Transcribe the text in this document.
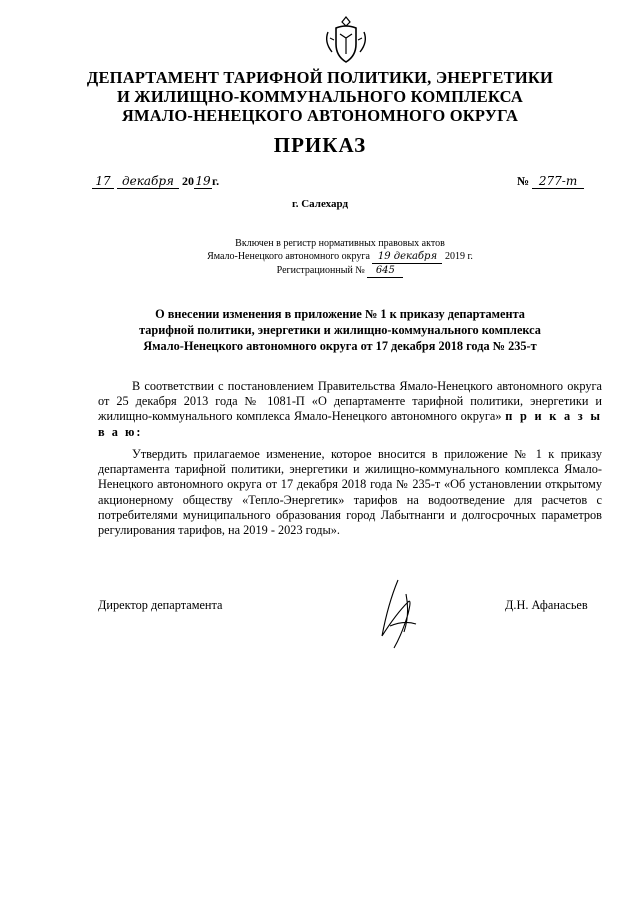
ДЕПАРТАМЕНТ ТАРИФНОЙ ПОЛИТИКИ, ЭНЕРГЕТИКИ
И ЖИЛИЩНО-КОММУНАЛЬНОГО КОМПЛЕКСА
ЯМАЛО-НЕНЕЦКОГО АВТОНОМНОГО ОКРУГА
ПРИКАЗ
17 декабря 2019г.	№ 277-т
г. Салехард
Включен в регистр нормативных правовых актов
Ямало-Ненецкого автономного округа 19 декабря 2019 г.
Регистрационный № 645
О внесении изменения в приложение № 1 к приказу департамента
тарифной политики, энергетики и жилищно-коммунального комплекса
Ямало-Ненецкого автономного округа от 17 декабря 2018 года № 235-т
В соответствии с постановлением Правительства Ямало-Ненецкого автономного округа от 25 декабря 2013 года № 1081-П «О департаменте тарифной политики, энергетики и жилищно-коммунального комплекса Ямало-Ненецкого автономного округа» п р и к а з ы в а ю:
Утвердить прилагаемое изменение, которое вносится в приложение № 1 к приказу департамента тарифной политики, энергетики и жилищно-коммунального комплекса Ямало-Ненецкого автономного округа от 17 декабря 2018 года № 235-т «Об установлении открытому акционерному обществу «Тепло-Энергетик» тарифов на водоотведение для расчетов с потребителями муниципального образования город Лабытнанги и долгосрочных параметров регулирования тарифов, на 2019 - 2023 годы».
Директор департамента	Д.Н. Афанасьев
